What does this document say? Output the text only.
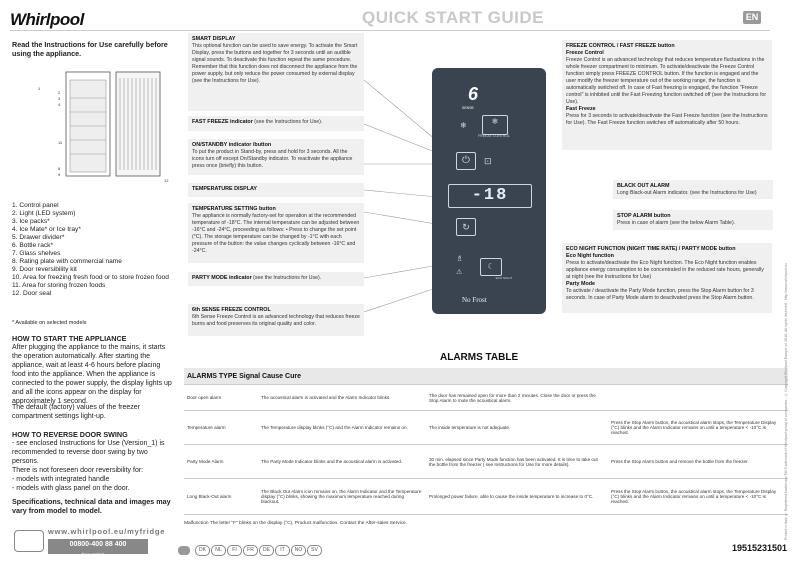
Whirlpool	QUICK START GUIDE	EN
Read the Instructions for Use carefully before using the appliance.
1
2
3
4
11
8
9
12
1. Control panel
2. Light (LED system)
3. Ice packs*
4. Ice Mate* or Ice tray*
5. Drawer divider*
6. Bottle rack*
7. Glass shelves
8. Rating plate with commercial name
9. Door reversibility kit
10. Area for freezing fresh food or to store frozen food
11. Area for storing frozen foods
12. Door seal
* Available on selected models
HOW TO START THE APPLIANCE
After plugging the appliance to the mains, it starts the operation automatically. After starting the appliance, wait at least 4-6 hours before placing food into the appliance. When the appliance is connected to the power supply, the display lights up and all the icons appear on the display for approximately 1 second.
The default (factory) values of the freezer compartment settings light-up.
HOW TO REVERSE DOOR SWING
- see enclosed Instructions for Use (Version_1) is recommended to reverse door swing by two persons.
There is not foreseen door reversibility for:
- models with integrated handle
- models with glass panel on the door.
Specifications, technical data and images may vary from model to model.
www.whirlpool.eu/myfridge
00800-400 88 400
free-gratuit
SMART DISPLAY
This optional function can be used to save energy. To activate the Smart Display, press the buttons and together for 3 seconds until an audible signal sounds. To deactivate this function repeat the same procedure. Remember that this function does not disconnect the appliance from the power supply, but only reduce the power consumed by external display (see the Instructions for Use).
FAST FREEZE indicator (see the Instructions for Use).
ON/STANDBY indicator /button
To put the product in Stand-by, press and hold for 3 seconds. All the icons turn off except On/Standby indicator. To reactivate the appliance press once (briefly) this button.
TEMPERATURE DISPLAY
TEMPERATURE SETTING button
The appliance is normally factory-set for operation at the recommended temperature of -18°C. The internal temperature can be adjusted between -16°C and -24°C, proceeding as follows: • Press to change the set point (°C). The storage temperature can be changed by -1°C with each pressure of the button: the value changes cyclically between -16°C and -24°C.
PARTY MODE indicator (see the Instructions for Use).
6th SENSE FREEZE CONTROL
6th Sense Freeze Control is an advanced technology that reduces freeze burns and food preserves its original quality and color.
6
SENSE
❄	❄
FREEZE CONTROL
⏻	⊡
-18
↻
♗
⚠
☾
ECO NIGHT
No Frost
FREEZE CONTROL / FAST FREEZE button
Freeze Control
Freeze Control is an advanced technology that reduces temperature fluctuations in the whole freezer compartment to minimum. To activate/deactivate the Freeze Control function simply press FREEZE CONTROL button. If the function is engaged and the user modify the freezer temperature out of the working range, the function is automatically switched off. In case of Fast freezing is engaged, the function "Freeze control" is inhibited until the Fast Freezing function switched off (see the Instructions for Use).
Fast Freeze
Press for 3 seconds to activate/deactivate the Fast Freeze function (see the Instructions for Use). The Fast Freeze function switches off automatically after 50 hours.
BLACK OUT ALARM
Long Black-out Alarm indicator. (see the Instructions for Use)
STOP ALARM button
Press in case of alarm (see the below Alarm Table).
ECO NIGHT FUNCTION (NIGHT TIME RATE) / PARTY MODE button
Eco Night function
Press to activate/deactivate the Eco Night function. The Eco Night function enables appliance energy consumption to be concentrated in the reduced rate hours, generally at night (see the Instructions for Use)
Party Mode
To activate / deactivate the Party Mode function, press the Stop Alarm button for 3 seconds. In case of Party Mode alarm to deactivated press the Stop Alarm button.
ALARMS TABLE
ALARMS TYPE Signal Cause Cure			
Door open alarm	The acoustical alarm is activated and the Alarm Indicator blinks.	The door has remained open for more than 2 minutes. Close the door or press the Stop Alarm to mute the acoustical alarm.	
Temperature alarm	The Temperature display blinks (°C) and the Alarm Indicator remains on.	The inside temperature is not adequate.	Press the Stop Alarm button, the acoustical alarm stops, the Temperature Display (°C) blinks and the Alarm Indicator remains on until a temperature < -10°C is reached.
Party Mode Alarm	The Party Mode Indicator blinks and the acoustical alarm is activated.	30 min. elapsed since Party Mode function has been activated. It is time to take out the bottle from the freezer ( see Instructions for Use for more details).	Press the Stop Alarm button and remove the bottle from the freezer.
Long Black-Out alarm	The Black Out Alarm icon remains on, the Alarm Indicator and the Temperature display (°C) blinks, showing the maximum temperature reached during blackout.	Prolonged power failure, able to cause the inside temperature to increase to 0°C.	Press the Stop Alarm button, the acoustical alarm stops, the Temperature Display (°C) blinks and the Alarm Indicator remains on until a temperature < -10°C is reached.
Malfunction The letter "F" blinks on the display (°C), Product malfunction. Contact the After-sales Service.
DK	NL	FI	FR	DE	IT	NO	SV	19515231501
Printed in Italy ® Registered trademark/TM Trademark of Whirlpool group of companies - © Copyright Whirlpool Europe srl 2018. All rights reserved - http://www.whirlpool.eu
